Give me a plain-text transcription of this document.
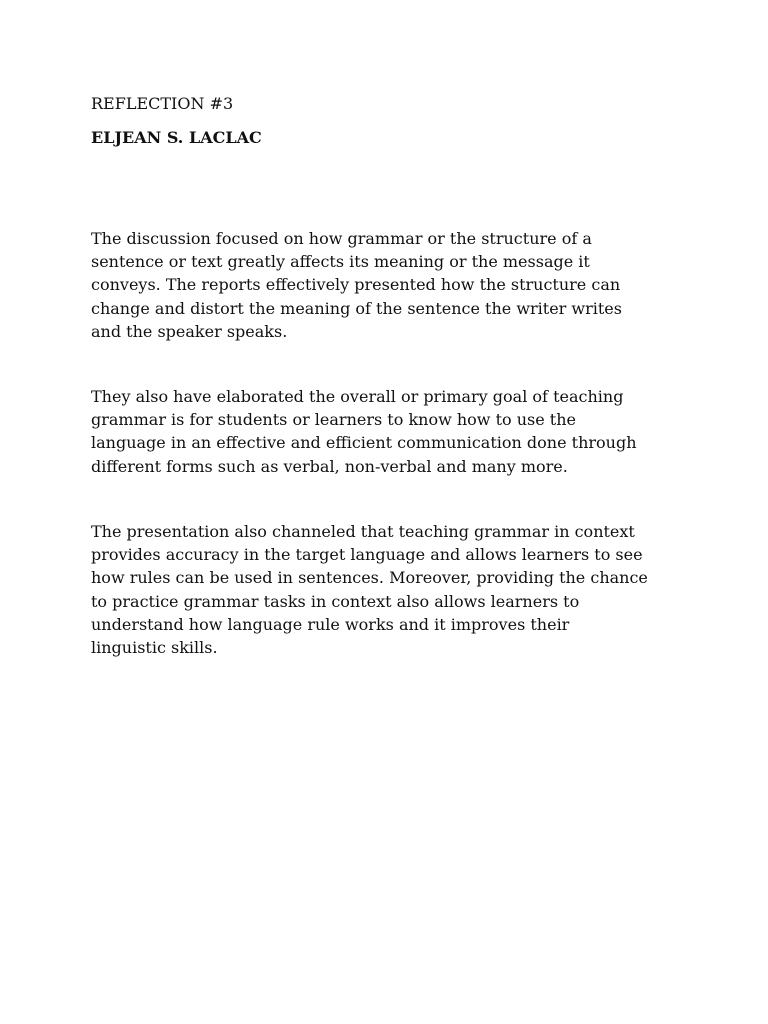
REFLECTION #3
ELJEAN S. LACLAC

The discussion focused on how grammar or the structure of a
sentence or text greatly affects its meaning or the message it
conveys. The reports effectively presented how the structure can
change and distort the meaning of the sentence the writer writes
and the speaker speaks.

They also have elaborated the overall or primary goal of teaching
grammar is for students or learners to know how to use the
language in an effective and efficient communication done through
different forms such as verbal, non-verbal and many more.

The presentation also channeled that teaching grammar in context
provides accuracy in the target language and allows learners to see
how rules can be used in sentences. Moreover, providing the chance
to practice grammar tasks in context also allows learners to
understand how language rule works and it improves their
linguistic skills.
